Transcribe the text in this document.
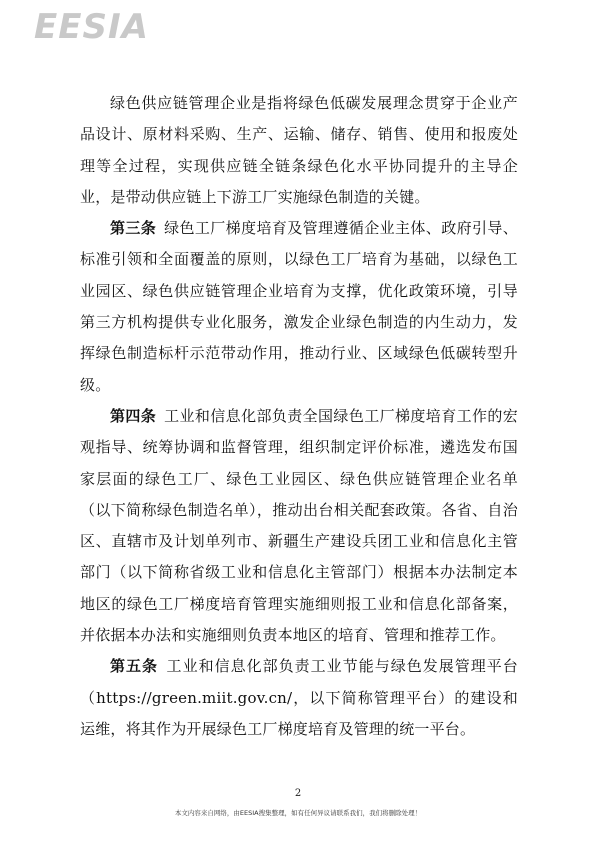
EESIA

绿色供应链管理企业是指将绿色低碳发展理念贯穿于企业产品设计、原材料采购、生产、运输、储存、销售、使用和报废处理等全过程，实现供应链全链条绿色化水平协同提升的主导企业，是带动供应链上下游工厂实施绿色制造的关键。

第三条  绿色工厂梯度培育及管理遵循企业主体、政府引导、标准引领和全面覆盖的原则，以绿色工厂培育为基础，以绿色工业园区、绿色供应链管理企业培育为支撑，优化政策环境，引导第三方机构提供专业化服务，激发企业绿色制造的内生动力，发挥绿色制造标杆示范带动作用，推动行业、区域绿色低碳转型升级。

第四条  工业和信息化部负责全国绿色工厂梯度培育工作的宏观指导、统筹协调和监督管理，组织制定评价标准，遴选发布国家层面的绿色工厂、绿色工业园区、绿色供应链管理企业名单（以下简称绿色制造名单），推动出台相关配套政策。各省、自治区、直辖市及计划单列市、新疆生产建设兵团工业和信息化主管部门（以下简称省级工业和信息化主管部门）根据本办法制定本地区的绿色工厂梯度培育管理实施细则报工业和信息化部备案，并依据本办法和实施细则负责本地区的培育、管理和推荐工作。

第五条  工业和信息化部负责工业节能与绿色发展管理平台（https://green.miit.gov.cn/，以下简称管理平台）的建设和运维，将其作为开展绿色工厂梯度培育及管理的统一平台。

2
本文内容来自网络，由EESIA搜集整理，如有任何异议请联系我们，我们将删除处理！
